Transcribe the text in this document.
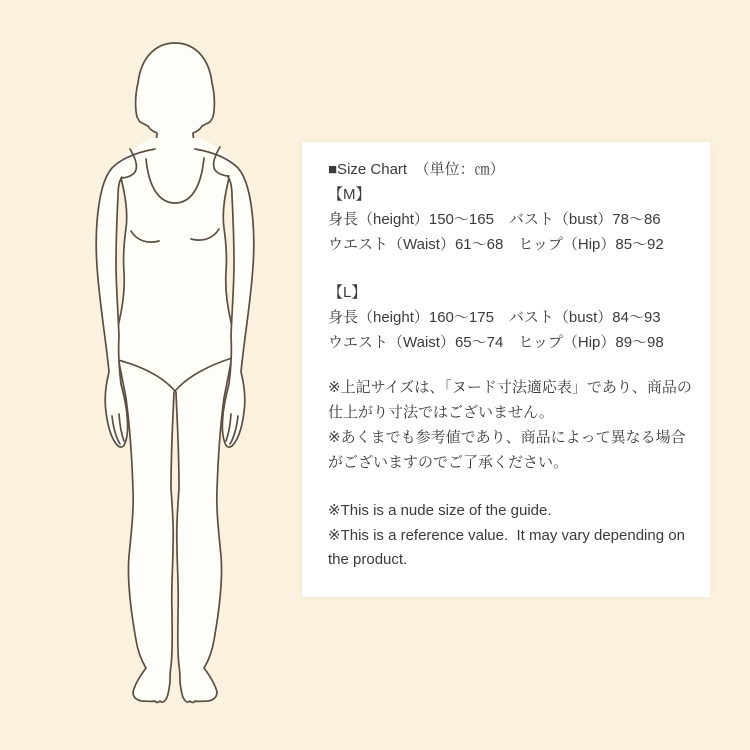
■Size Chart　（単位：㎝）
【M】
身長（height）150〜165　バスト（bust）78〜86
ウエスト（Waist）61〜68　ヒップ（Hip）85〜92
【L】
身長（height）160〜175　バスト（bust）84〜93
ウエスト（Waist）65〜74　ヒップ（Hip）89〜98
※上記サイズは、「ヌード寸法適応表」であり、商品の仕上がり寸法ではございません。
※あくまでも参考値であり、商品によって異なる場合がございますのでご了承ください。
※This is a nude size of the guide.
※This is a reference value.  It may vary depending on the product.
